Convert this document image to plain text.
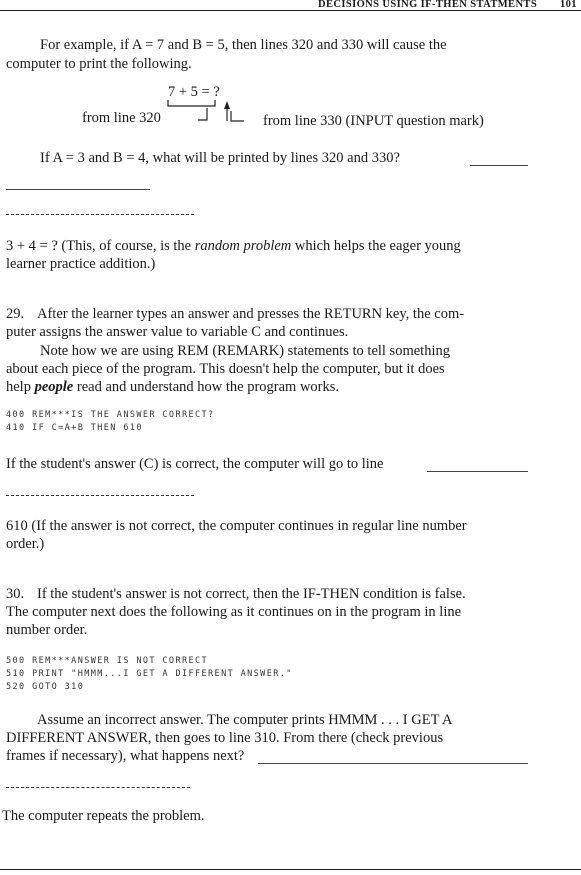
DECISIONS USING IF-THEN STATMENTS 101
For example, if A = 7 and B = 5, then lines 320 and 330 will cause the
computer to print the following.
7 + 5 = ?
from line 320	from line 330 (INPUT question mark)
If A = 3 and B = 4, what will be printed by lines 320 and 330?
3 + 4 = ? (This, of course, is the random problem which helps the eager young
learner practice addition.)
29. After the learner types an answer and presses the RETURN key, the com-
puter assigns the answer value to variable C and continues.
Note how we are using REM (REMARK) statements to tell something
about each piece of the program. This doesn't help the computer, but it does
help people read and understand how the program works.
400 REM***IS THE ANSWER CORRECT?
410 IF C=A+B THEN 610
If the student's answer (C) is correct, the computer will go to line
610 (If the answer is not correct, the computer continues in regular line number
order.)
30. If the student's answer is not correct, then the IF-THEN condition is false.
The computer next does the following as it continues on in the program in line
number order.
500 REM***ANSWER IS NOT CORRECT
510 PRINT "HMMM...I GET A DIFFERENT ANSWER."
520 GOTO 310
Assume an incorrect answer. The computer prints HMMM . . . I GET A
DIFFERENT ANSWER, then goes to line 310. From there (check previous
frames if necessary), what happens next?
The computer repeats the problem.
